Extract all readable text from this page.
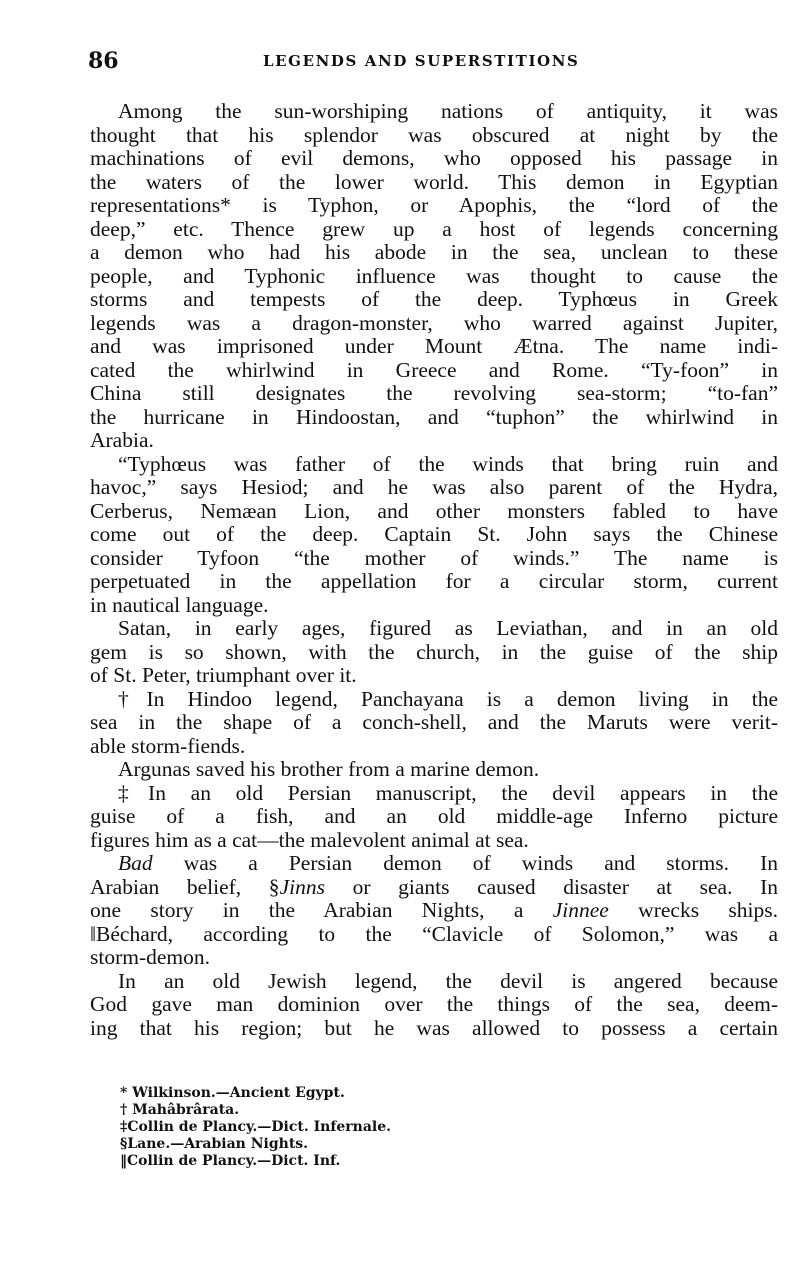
86	LEGENDS AND SUPERSTITIONS
Among the sun-worshiping nations of antiquity, it was
thought that his splendor was obscured at night by the
machinations of evil demons, who opposed his passage in
the waters of the lower world. This demon in Egyptian
representations* is Typhon, or Apophis, the “lord of the
deep,” etc. Thence grew up a host of legends concerning
a demon who had his abode in the sea, unclean to these
people, and Typhonic influence was thought to cause the
storms and tempests of the deep. Typhœus in Greek
legends was a dragon-monster, who warred against Jupiter,
and was imprisoned under Mount Ætna. The name indi-
cated the whirlwind in Greece and Rome. “Ty-foon” in
China still designates the revolving sea-storm; “to-fan”
the hurricane in Hindoostan, and “tuphon” the whirlwind in
Arabia.
“Typhœus was father of the winds that bring ruin and
havoc,” says Hesiod; and he was also parent of the Hydra,
Cerberus, Nemæan Lion, and other monsters fabled to have
come out of the deep. Captain St. John says the Chinese
consider Tyfoon “the mother of winds.” The name is
perpetuated in the appellation for a circular storm, current
in nautical language.
Satan, in early ages, figured as Leviathan, and in an old
gem is so shown, with the church, in the guise of the ship
of St. Peter, triumphant over it.
†In Hindoo legend, Panchayana is a demon living in the
sea in the shape of a conch-shell, and the Maruts were verit-
able storm-fiends.
Argunas saved his brother from a marine demon.
‡In an old Persian manuscript, the devil appears in the
guise of a fish, and an old middle-age Inferno picture
figures him as a cat—the malevolent animal at sea.
Bad was a Persian demon of winds and storms. In
Arabian belief, §Jinns or giants caused disaster at sea. In
one story in the Arabian Nights, a Jinnee wrecks ships.
‖Béchard, according to the “Clavicle of Solomon,” was a
storm-demon.
In an old Jewish legend, the devil is angered because
God gave man dominion over the things of the sea, deem-
ing that his region; but he was allowed to possess a certain
* Wilkinson.—Ancient Egypt.
† Mahâbrârata.
‡Collin de Plancy.—Dict. Infernale.
§Lane.—Arabian Nights.
‖Collin de Plancy.—Dict. Inf.
